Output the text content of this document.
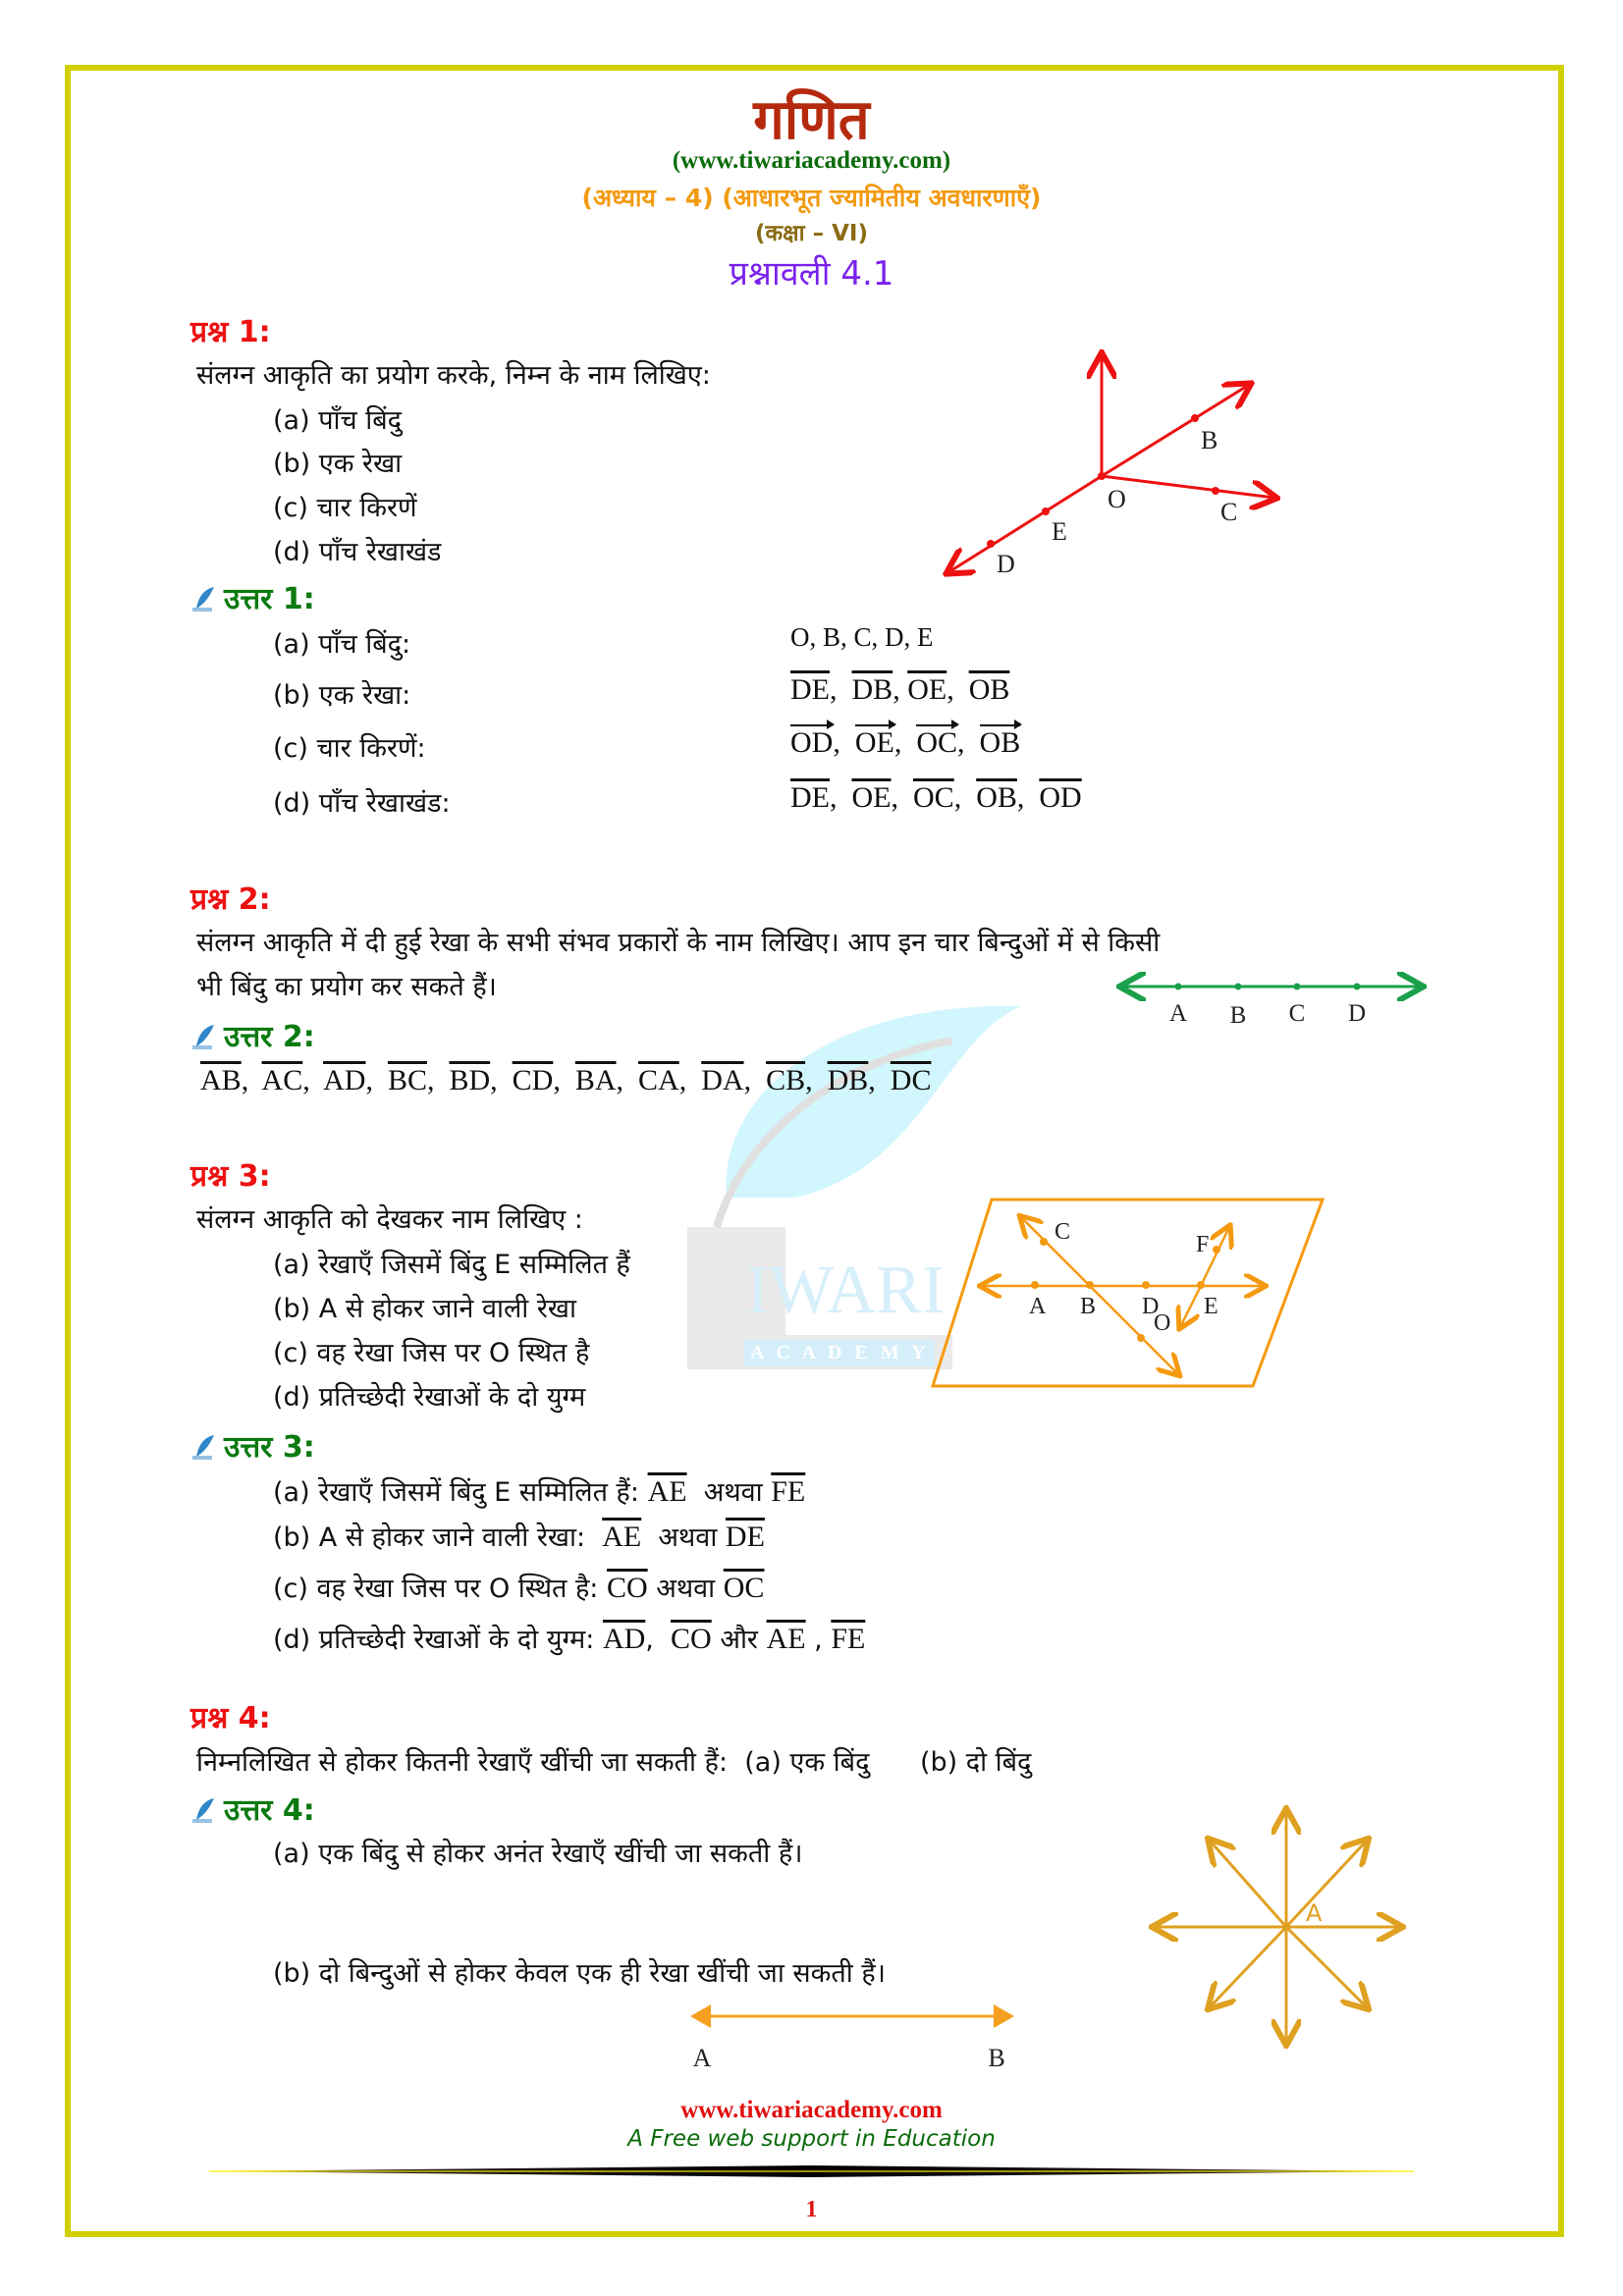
IWARI
A C A D E M Y
गणित
(www.tiwariacademy.com)
(अध्याय – 4) (आधारभूत ज्यामितीय अवधारणाएँ)
(कक्षा – VI)
प्रश्नावली 4.1
प्रश्न 1:
संलग्न आकृति का प्रयोग करके, निम्न के नाम लिखिए:
(a) पाँच बिंदु
(b) एक रेखा
(c) चार किरणें
(d) पाँच रेखाखंड
B
O	C
E
D
उत्तर 1:
(a) पाँच बिंदु:	O, B, C, D, E
(b) एक रेखा:	$\overline{DE}$,  $\overline{DB}$, $\overline{OE}$,  $\overline{OB}$
(c) चार किरणें:	OD,  OE,  OC,  OB
(d) पाँच रेखाखंड:	$\overline{DE}$,  $\overline{OE}$,  $\overline{OC}$,  $\overline{OB}$,  $\overline{OD}$
प्रश्न 2:
संलग्न आकृति में दी हुई रेखा के सभी संभव प्रकारों के नाम लिखिए। आप इन चार बिन्दुओं में से किसी
भी बिंदु का प्रयोग कर सकते हैं।
A B C D
उत्तर 2:
$\overline{AB}$,  $\overline{AC}$,  $\overline{AD}$,  $\overline{BC}$,  $\overline{BD}$,  $\overline{CD}$,  $\overline{BA}$,  $\overline{CA}$,  $\overline{DA}$,  $\overline{CB}$,  $\overline{DB}$,  $\overline{DC}$
प्रश्न 3:
संलग्न आकृति को देखकर नाम लिखिए :
(a) रेखाएँ जिसमें बिंदु E सम्मिलित हैं
(b) A से होकर जाने वाली रेखा
(c) वह रेखा जिस पर O स्थित है
(d) प्रतिच्छेदी रेखाओं के दो युग्म
C	F
A B D E
O
उत्तर 3:
(a) रेखाएँ जिसमें बिंदु E सम्मिलित हैं: $\overline{AE}$ अथवा $\overline{FE}$
(b) A से होकर जाने वाली रेखा: $\overline{AE}$ अथवा $\overline{DE}$
(c) वह रेखा जिस पर O स्थित है: $\overline{CO}$ अथवा $\overline{OC}$
(d) प्रतिच्छेदी रेखाओं के दो युग्म: $\overline{AD}$,  $\overline{CO}$ और $\overline{AE}$ , $\overline{FE}$
प्रश्न 4:
निम्नलिखित से होकर कितनी रेखाएँ खींची जा सकती हैं: (a) एक बिंदु (b) दो बिंदु
उत्तर 4:
(a) एक बिंदु से होकर अनंत रेखाएँ खींची जा सकती हैं।
(b) दो बिन्दुओं से होकर केवल एक ही रेखा खींची जा सकती हैं।
A
A	B
www.tiwariacademy.com
A Free web support in Education
1
